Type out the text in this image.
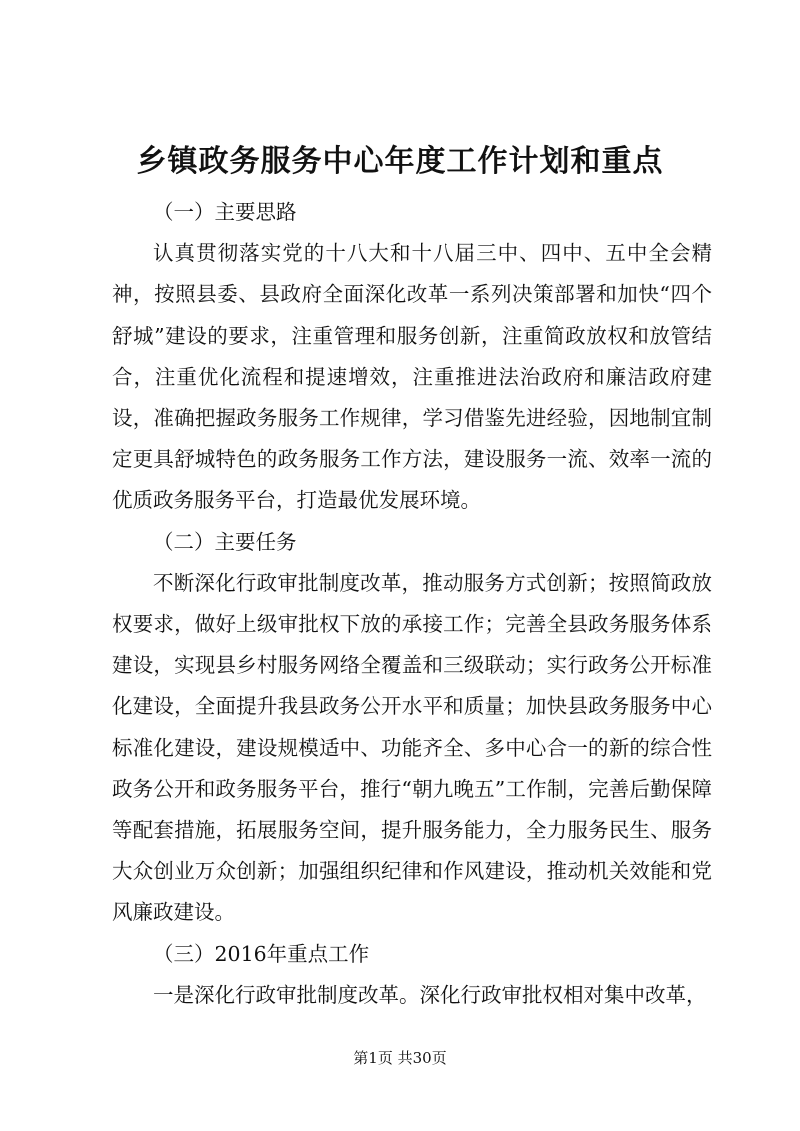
乡镇政务服务中心年度工作计划和重点

（一）主要思路

认真贯彻落实党的十八大和十八届三中、四中、五中全会精神，按照县委、县政府全面深化改革一系列决策部署和加快“四个舒城”建设的要求，注重管理和服务创新，注重简政放权和放管结合，注重优化流程和提速增效，注重推进法治政府和廉洁政府建设，准确把握政务服务工作规律，学习借鉴先进经验，因地制宜制定更具舒城特色的政务服务工作方法，建设服务一流、效率一流的优质政务服务平台，打造最优发展环境。

（二）主要任务

不断深化行政审批制度改革，推动服务方式创新；按照简政放权要求，做好上级审批权下放的承接工作；完善全县政务服务体系建设，实现县乡村服务网络全覆盖和三级联动；实行政务公开标准化建设，全面提升我县政务公开水平和质量；加快县政务服务中心标准化建设，建设规模适中、功能齐全、多中心合一的新的综合性政务公开和政务服务平台，推行“朝九晚五”工作制，完善后勤保障等配套措施，拓展服务空间，提升服务能力，全力服务民生、服务大众创业万众创新；加强组织纪律和作风建设，推动机关效能和党风廉政建设。

（三）2016年重点工作

一是深化行政审批制度改革。深化行政审批权相对集中改革，

第1页 共30页
